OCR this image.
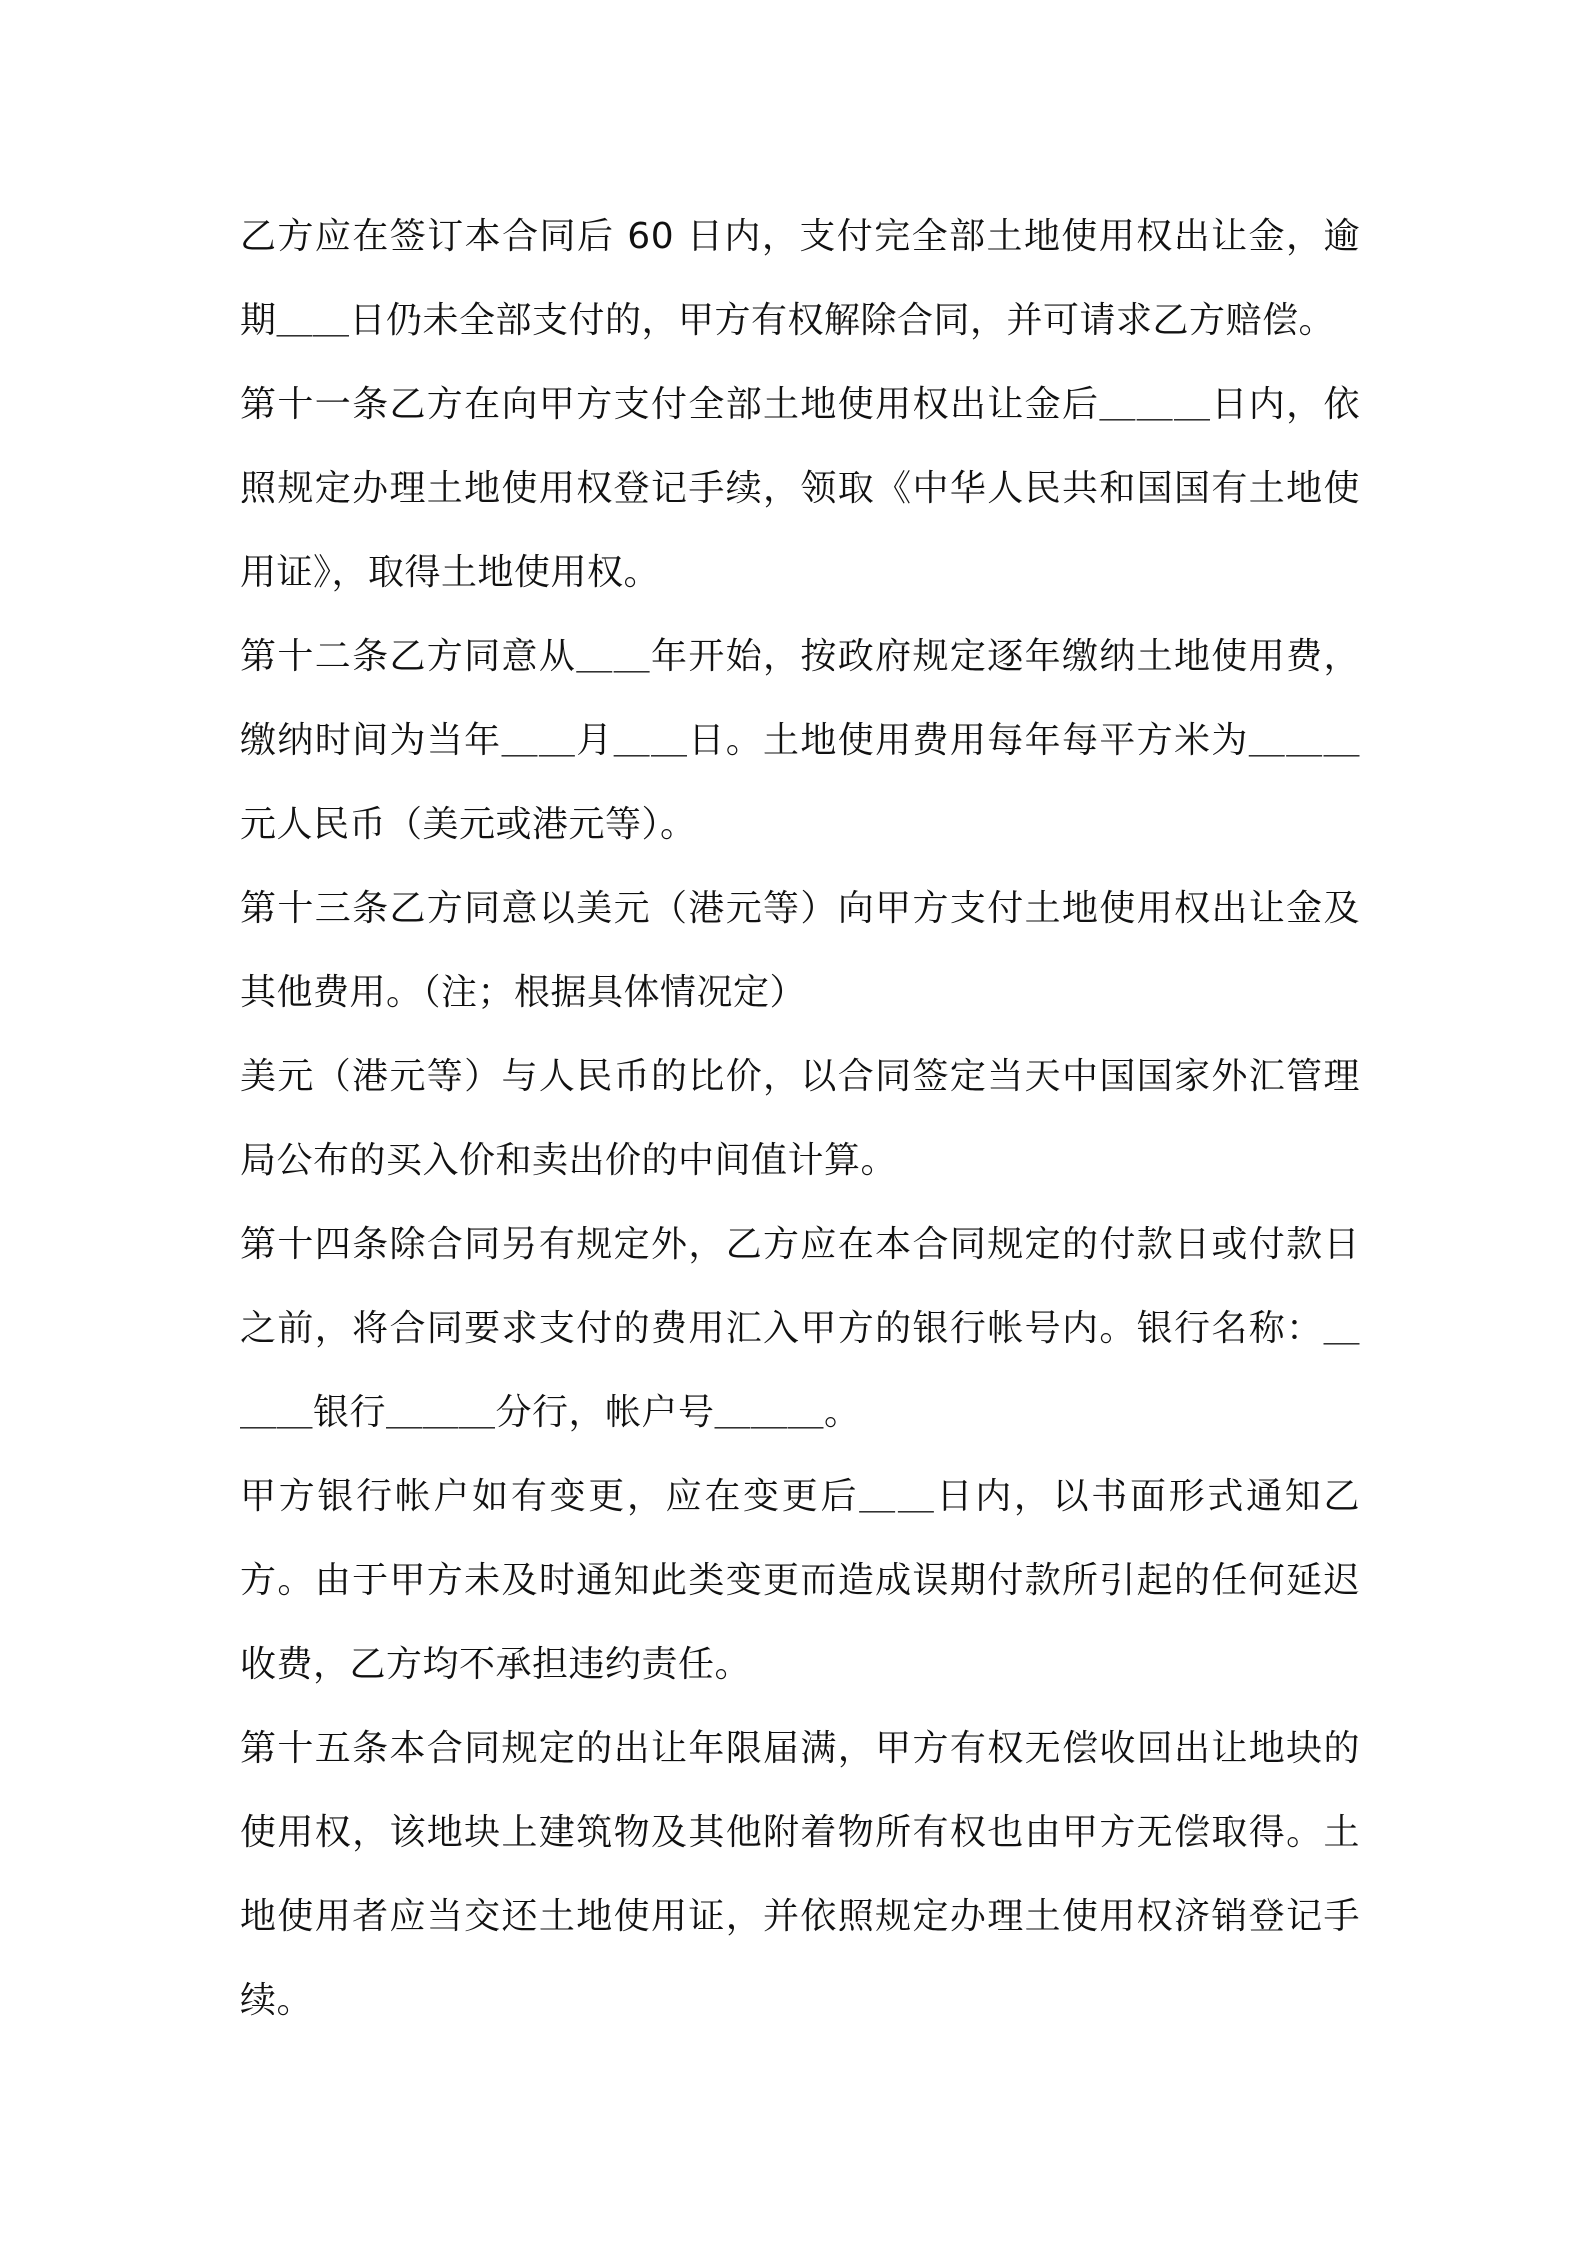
乙方应在签订本合同后 60 日内，支付完全部土地使用权出让金，逾期＿＿日仍未全部支付的，甲方有权解除合同，并可请求乙方赔偿。

第十一条乙方在向甲方支付全部土地使用权出让金后＿＿＿日内，依照规定办理土地使用权登记手续，领取《中华人民共和国国有土地使用证》，取得土地使用权。

第十二条乙方同意从＿＿年开始，按政府规定逐年缴纳土地使用费，缴纳时间为当年＿＿月＿＿日。土地使用费用每年每平方米为＿＿＿元人民币（美元或港元等）。

第十三条乙方同意以美元（港元等）向甲方支付土地使用权出让金及其他费用。（注；根据具体情况定）

美元（港元等）与人民币的比价，以合同签定当天中国国家外汇管理局公布的买入价和卖出价的中间值计算。

第十四条除合同另有规定外，乙方应在本合同规定的付款日或付款日之前，将合同要求支付的费用汇入甲方的银行帐号内。银行名称：＿＿＿银行＿＿＿分行，帐户号＿＿＿。

甲方银行帐户如有变更，应在变更后＿＿日内，以书面形式通知乙方。由于甲方未及时通知此类变更而造成误期付款所引起的任何延迟收费，乙方均不承担违约责任。

第十五条本合同规定的出让年限届满，甲方有权无偿收回出让地块的使用权，该地块上建筑物及其他附着物所有权也由甲方无偿取得。土地使用者应当交还土地使用证，并依照规定办理土使用权济销登记手续。
